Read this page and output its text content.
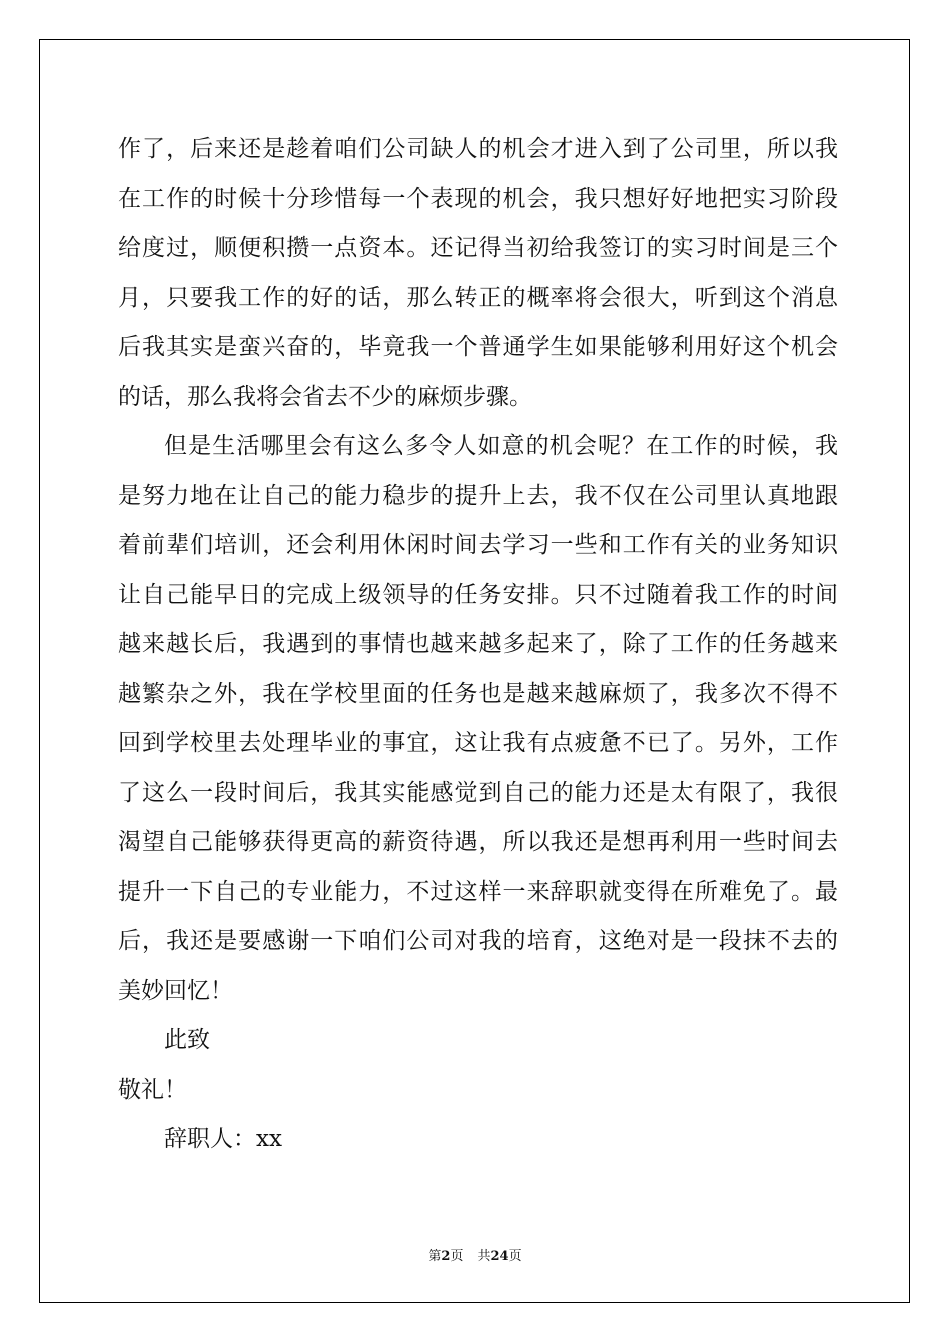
作了，后来还是趁着咱们公司缺人的机会才进入到了公司里，所以我
在工作的时候十分珍惜每一个表现的机会，我只想好好地把实习阶段
给度过，顺便积攒一点资本。还记得当初给我签订的实习时间是三个
月，只要我工作的好的话，那么转正的概率将会很大，听到这个消息
后我其实是蛮兴奋的，毕竟我一个普通学生如果能够利用好这个机会
的话，那么我将会省去不少的麻烦步骤。
但是生活哪里会有这么多令人如意的机会呢？在工作的时候，我
是努力地在让自己的能力稳步的提升上去，我不仅在公司里认真地跟
着前辈们培训，还会利用休闲时间去学习一些和工作有关的业务知识
让自己能早日的完成上级领导的任务安排。只不过随着我工作的时间
越来越长后，我遇到的事情也越来越多起来了，除了工作的任务越来
越繁杂之外，我在学校里面的任务也是越来越麻烦了，我多次不得不
回到学校里去处理毕业的事宜，这让我有点疲惫不已了。另外，工作
了这么一段时间后，我其实能感觉到自己的能力还是太有限了，我很
渴望自己能够获得更高的薪资待遇，所以我还是想再利用一些时间去
提升一下自己的专业能力，不过这样一来辞职就变得在所难免了。最
后，我还是要感谢一下咱们公司对我的培育，这绝对是一段抹不去的
美妙回忆！
此致
敬礼！
辞职人：xx
第2页 共24页
